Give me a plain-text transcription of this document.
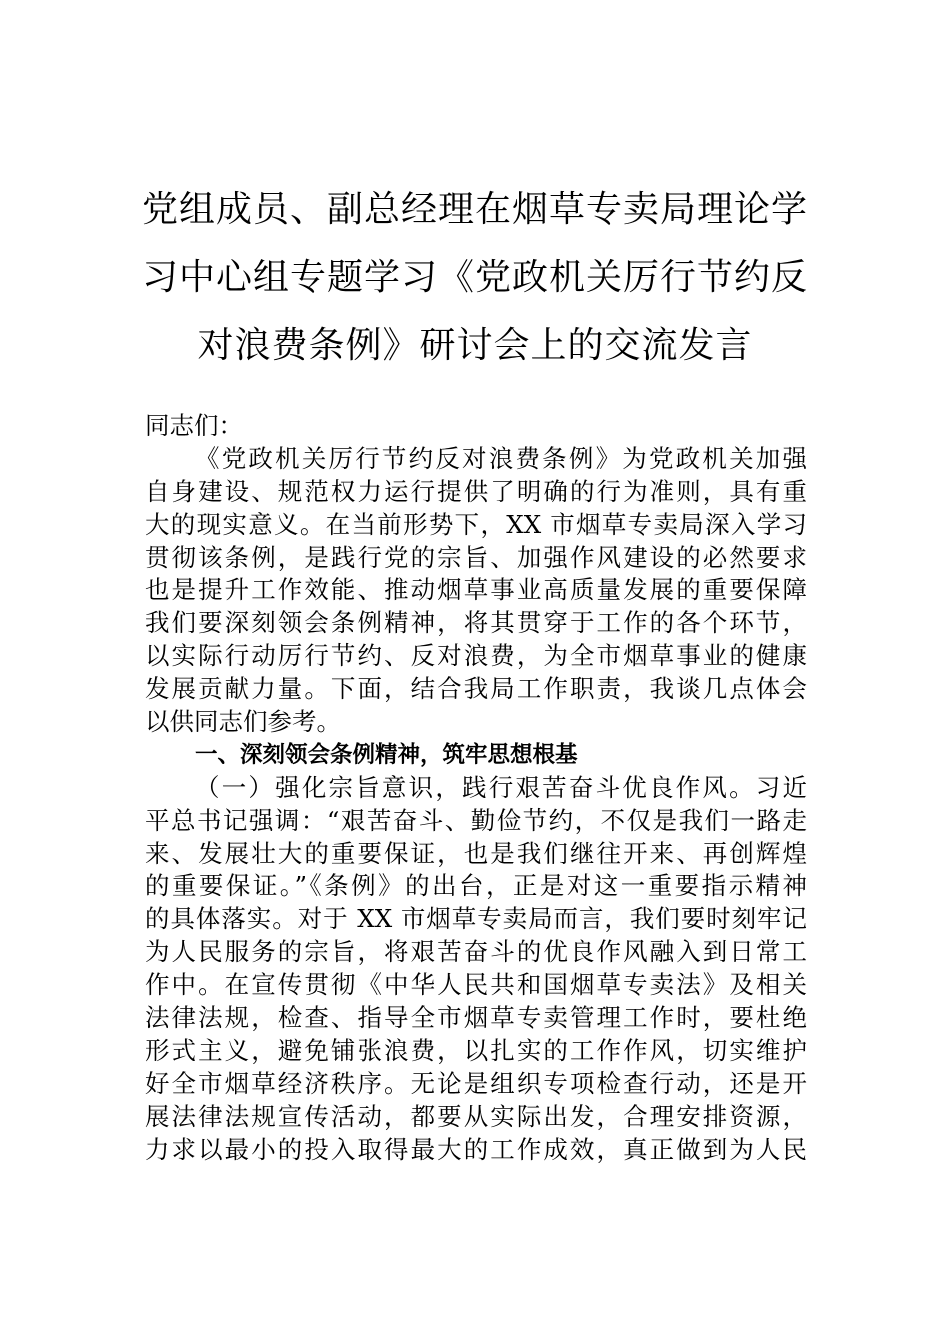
党组成员、副总经理在烟草专卖局理论学
习中心组专题学习《党政机关厉行节约反
对浪费条例》研讨会上的交流发言
同志们：
《党政机关厉行节约反对浪费条例》为党政机关加强
自身建设、规范权力运行提供了明确的行为准则，具有重
大的现实意义。在当前形势下，XX 市烟草专卖局深入学习
贯彻该条例，是践行党的宗旨、加强作风建设的必然要求
也是提升工作效能、推动烟草事业高质量发展的重要保障
我们要深刻领会条例精神，将其贯穿于工作的各个环节，
以实际行动厉行节约、反对浪费，为全市烟草事业的健康
发展贡献力量。下面，结合我局工作职责，我谈几点体会
以供同志们参考。
一、深刻领会条例精神，筑牢思想根基
（一）强化宗旨意识，践行艰苦奋斗优良作风。习近
平总书记强调：“艰苦奋斗、勤俭节约，不仅是我们一路走
来、发展壮大的重要保证，也是我们继往开来、再创辉煌
的重要保证。”《条例》的出台，正是对这一重要指示精神
的具体落实。对于 XX 市烟草专卖局而言，我们要时刻牢记
为人民服务的宗旨，将艰苦奋斗的优良作风融入到日常工
作中。在宣传贯彻《中华人民共和国烟草专卖法》及相关
法律法规，检查、指导全市烟草专卖管理工作时，要杜绝
形式主义，避免铺张浪费，以扎实的工作作风，切实维护
好全市烟草经济秩序。无论是组织专项检查行动，还是开
展法律法规宣传活动，都要从实际出发，合理安排资源，
力求以最小的投入取得最大的工作成效，真正做到为人民
